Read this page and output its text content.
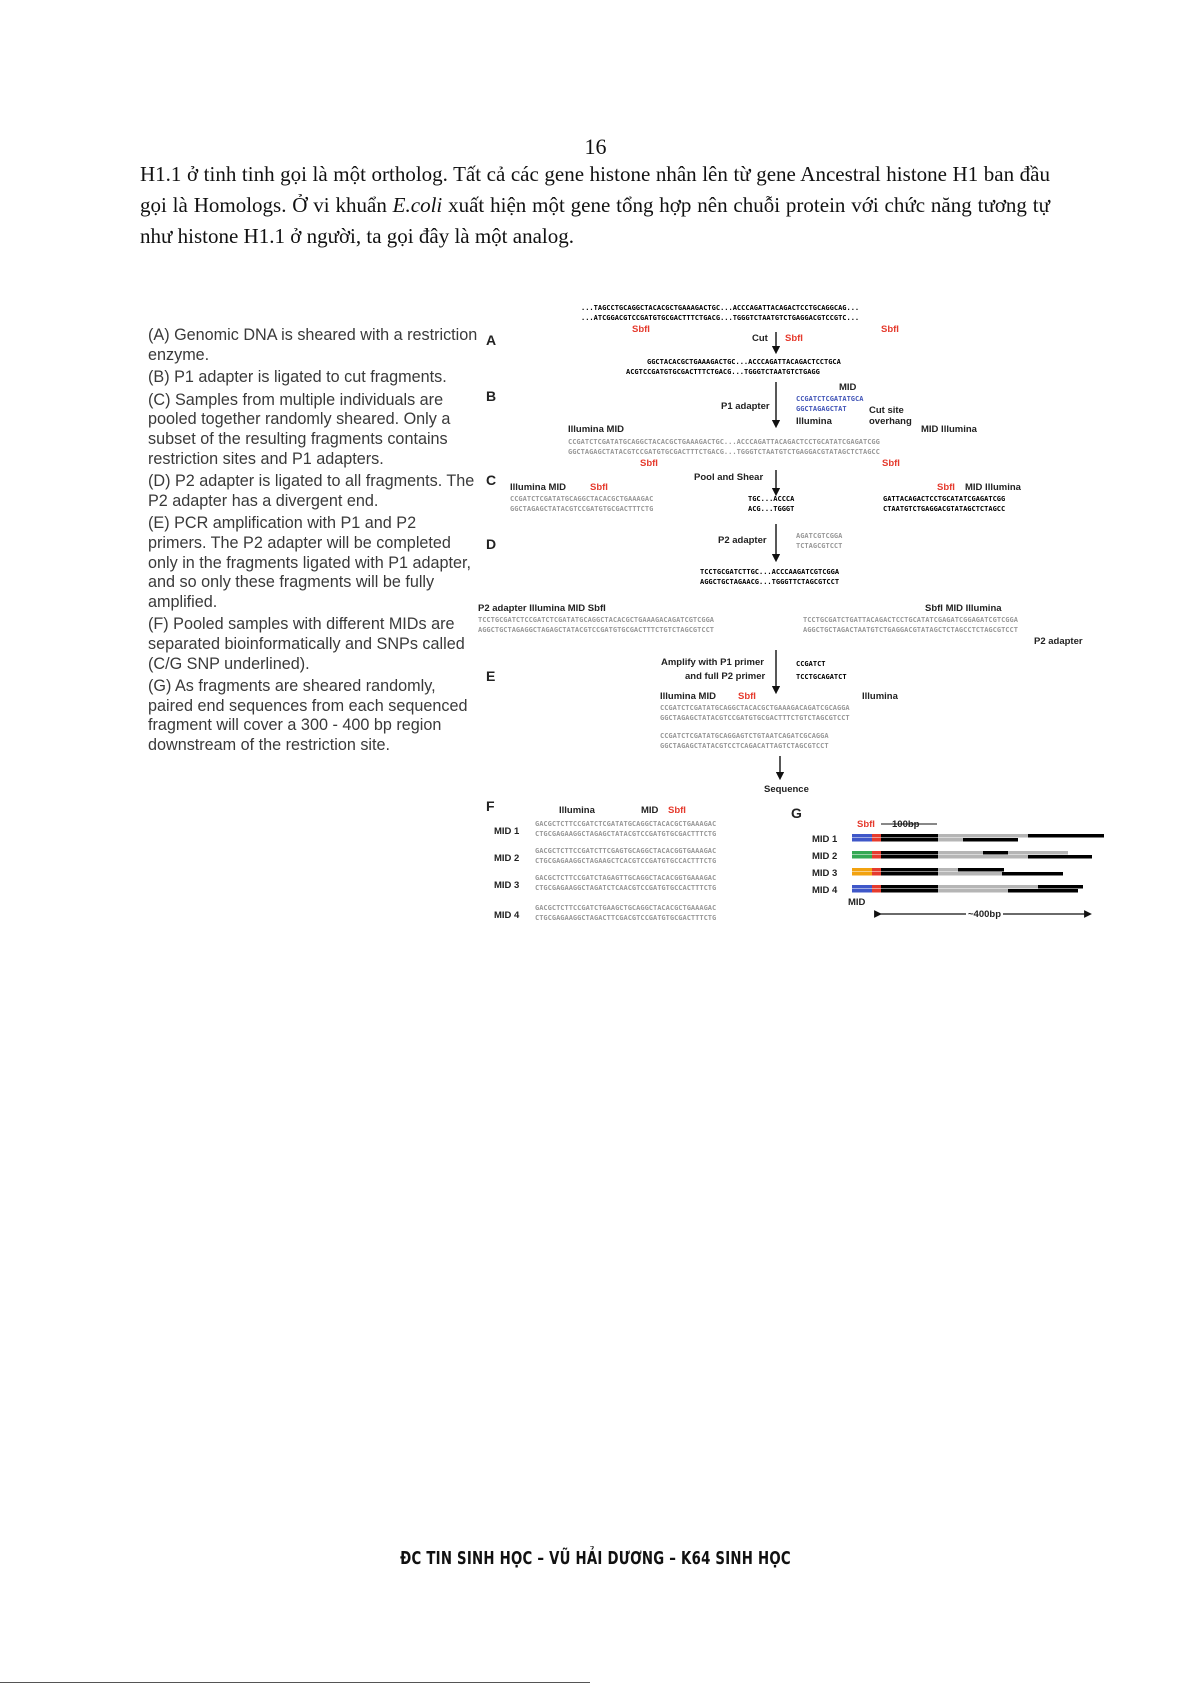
16
H1.1 ở tinh tinh gọi là một ortholog. Tất cả các gene histone nhân lên từ gene Ancestral histone H1 ban đầu gọi là Homologs. Ở vi khuẩn E.coli xuất hiện một gene tổng hợp nên chuỗi protein với chức năng tương tự như histone H1.1 ở người, ta gọi đây là một analog.

(A) Genomic DNA is sheared with a restriction enzyme.

(B) P1 adapter is ligated to cut fragments.

(C) Samples from multiple individuals are pooled together randomly sheared. Only a subset of the resulting fragments contains restriction sites and P1 adapters.

(D) P2 adapter is ligated to all fragments. The P2 adapter has a divergent end.

(E) PCR amplification with P1 and P2 primers. The P2 adapter will be completed only in the fragments ligated with P1 adapter, and so only these fragments will be fully amplified.

(F) Pooled samples with different MIDs are separated bioinformatically and SNPs called (C/G SNP underlined).

(G) As fragments are sheared randomly, paired end sequences from each sequenced fragment will cover a 300 - 400 bp region downstream of the restriction site.

A
B
C
D
E
F	G
...TAGCCTGCAGGCTACACGCTGAAAGACTGC...ACCCAGATTACAGACTCCTGCAGGCAG...
...ATCGGACGTCCGATGTGCGACTTTCTGACG...TGGGTCTAATGTCTGAGGACGTCCGTC...
SbfI	SbfI
Cut SbfI
GGCTACACGCTGAAAGACTGC...ACCCAGATTACAGACTCCTGCA
ACGTCCGATGTGCGACTTTCTGACG...TGGGTCTAATGTCTGAGG
MID
P1 adapter
CCGATCTCGATATGCA
GGCTAGAGCTAT Cut site
Illumina	overhang
Illumina MID	MID Illumina
CCGATCTCGATATGCAGGCTACACGCTGAAAGACTGC...ACCCAGATTACAGACTCCTGCATATCGAGATCGG
GGCTAGAGCTATACGTCCGATGTGCGACTTTCTGACG...TGGGTCTAATGTCTGAGGACGTATAGCTCTAGCC
SbfI	SbfI
Pool and Shear
Illumina MID	SbfI	SbfI MID Illumina
CCGATCTCGATATGCAGGCTACACGCTGAAAGAC
GGCTAGAGCTATACGTCCGATGTGCGACTTTCTG
TGC...ACCCA
ACG...TGGGT
GATTACAGACTCCTGCATATCGAGATCGG
CTAATGTCTGAGGACGTATAGCTCTAGCC
P2 adapter	AGATCGTCGGA
TCTAGCGTCCT
TCCTGCGATCTTGC...ACCCAAGATCGTCGGA
AGGCTGCTAGAACG...TGGGTTCTAGCGTCCT
P2 adapter Illumina MID SbfI	SbfI MID Illumina
TCCTGCGATCTCCGATCTCGATATGCAGGCTACACGCTGAAAGACAGATCGTCGGA
AGGCTGCTAGAGGCTAGAGCTATACGTCCGATGTGCGACTTTCTGTCTAGCGTCCT
TCCTGCGATCTGATTACAGACTCCTGCATATCGAGATCGGAGATCGTCGGA
AGGCTGCTAGACTAATGTCTGAGGACGTATAGCTCTAGCCTCTAGCGTCCT
P2 adapter
Amplify with P1 primer
and full P2 primer
CCGATCT
TCCTGCAGATCT
Illumina MID SbfI	Illumina
CCGATCTCGATATGCAGGCTACACGCTGAAAGACAGATCGCAGGA
GGCTAGAGCTATACGTCCGATGTGCGACTTTCTGTCTAGCGTCCT
CCGATCTCGATATGCAGGAGTCTGTAATCAGATCGCAGGA
GGCTAGAGCTATACGTCCTCAGACATTAGTCTAGCGTCCT
Sequence
Illumina	MID SbfI
MID 1
GACGCTCTTCCGATCTCGATATGCAGGCTACACGCTGAAAGAC
CTGCGAGAAGGCTAGAGCTATACGTCCGATGTGCGACTTTCTG
MID 2
GACGCTCTTCCGATCTTCGAGTGCAGGCTACACGGTGAAAGAC
CTGCGAGAAGGCTAGAAGCTCACGTCCGATGTGCCACTTTCTG
MID 3
GACGCTCTTCCGATCTAGAGTTGCAGGCTACACGGTGAAAGAC
CTGCGAGAAGGCTAGATCTCAACGTCCGATGTGCCACTTTCTG
MID 4
GACGCTCTTCCGATCTGAAGCTGCAGGCTACACGCTGAAAGAC
CTGCGAGAAGGCTAGACTTCGACGTCCGATGTGCGACTTTCTG
SbfI 100bp
MID 1
MID 2
MID 3
MID 4
MID
~400bp
ĐC TIN SINH HỌC – VŨ HẢI DƯƠNG – K64 SINH HỌC
